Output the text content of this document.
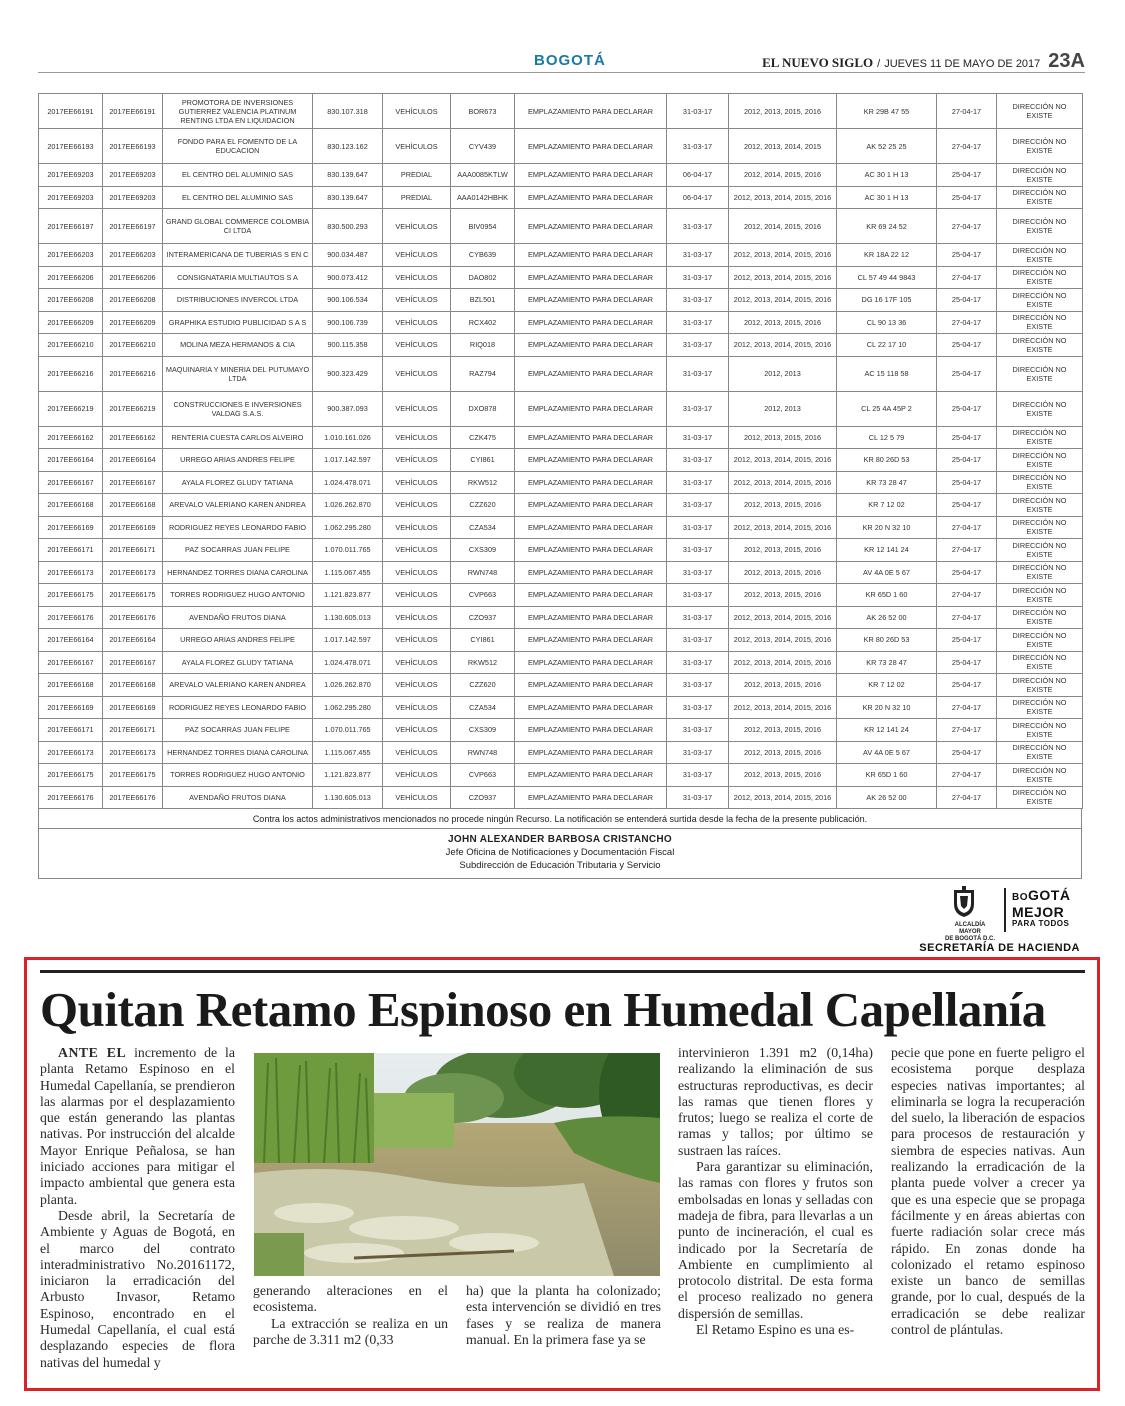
BOGOTÁ	EL NUEVO SIGLO / JUEVES 11 DE MAYO DE 2017 23A
2017EE66191	2017EE66191	PROMOTORA DE INVERSIONES GUTIERREZ VALENCIA PLATINUM RENTING LTDA EN LIQUIDACION	830.107.318	VEHÍCULOS	BOR673	EMPLAZAMIENTO PARA DECLARAR	31-03-17	2012, 2013, 2015, 2016	KR 29B 47 55	27-04-17	DIRECCIÓN NO EXISTE
2017EE66193	2017EE66193	FONDO PARA EL FOMENTO DE LA EDUCACION	830.123.162	VEHÍCULOS	CYV439	EMPLAZAMIENTO PARA DECLARAR	31-03-17	2012, 2013, 2014, 2015	AK 52 25 25	27-04-17	DIRECCIÓN NO EXISTE
2017EE69203	2017EE69203	EL CENTRO DEL ALUMINIO SAS	830.139.647	PREDIAL	AAA0085KTLW	EMPLAZAMIENTO PARA DECLARAR	06-04-17	2012, 2014, 2015, 2016	AC 30 1 H 13	25-04-17	DIRECCIÓN NO EXISTE
2017EE69203	2017EE69203	EL CENTRO DEL ALUMINIO SAS	830.139.647	PREDIAL	AAA0142HBHK	EMPLAZAMIENTO PARA DECLARAR	06-04-17	2012, 2013, 2014, 2015, 2016	AC 30 1 H 13	25-04-17	DIRECCIÓN NO EXISTE
2017EE66197	2017EE66197	GRAND GLOBAL COMMERCE COLOMBIA CI LTDA	830.500.293	VEHÍCULOS	BIV0954	EMPLAZAMIENTO PARA DECLARAR	31-03-17	2012, 2014, 2015, 2016	KR 69 24 52	27-04-17	DIRECCIÓN NO EXISTE
2017EE66203	2017EE66203	INTERAMERICANA DE TUBERIAS S EN C	900.034.487	VEHÍCULOS	CYB639	EMPLAZAMIENTO PARA DECLARAR	31-03-17	2012, 2013, 2014, 2015, 2016	KR 18A 22 12	25-04-17	DIRECCIÓN NO EXISTE
2017EE66206	2017EE66206	CONSIGNATARIA MULTIAUTOS S A	900.073.412	VEHÍCULOS	DAO802	EMPLAZAMIENTO PARA DECLARAR	31-03-17	2012, 2013, 2014, 2015, 2016	CL 57 49 44 9843	27-04-17	DIRECCIÓN NO EXISTE
2017EE66208	2017EE66208	DISTRIBUCIONES INVERCOL LTDA	900.106.534	VEHÍCULOS	BZL501	EMPLAZAMIENTO PARA DECLARAR	31-03-17	2012, 2013, 2014, 2015, 2016	DG 16 17F 105	25-04-17	DIRECCIÓN NO EXISTE
2017EE66209	2017EE66209	GRAPHIKA ESTUDIO PUBLICIDAD S A S	900.106.739	VEHÍCULOS	RCX402	EMPLAZAMIENTO PARA DECLARAR	31-03-17	2012, 2013, 2015, 2016	CL 90 13 36	27-04-17	DIRECCIÓN NO EXISTE
2017EE66210	2017EE66210	MOLINA MEZA HERMANOS & CIA	900.115.358	VEHÍCULOS	RIQ018	EMPLAZAMIENTO PARA DECLARAR	31-03-17	2012, 2013, 2014, 2015, 2016	CL 22 17 10	25-04-17	DIRECCIÓN NO EXISTE
2017EE66216	2017EE66216	MAQUINARIA Y MINERIA DEL PUTUMAYO LTDA	900.323.429	VEHÍCULOS	RAZ794	EMPLAZAMIENTO PARA DECLARAR	31-03-17	2012, 2013	AC 15 118 58	25-04-17	DIRECCIÓN NO EXISTE
2017EE66219	2017EE66219	CONSTRUCCIONES E INVERSIONES VALDAG S.A.S.	900.387.093	VEHÍCULOS	DXO878	EMPLAZAMIENTO PARA DECLARAR	31-03-17	2012, 2013	CL 25 4A 45P 2	25-04-17	DIRECCIÓN NO EXISTE
2017EE66162	2017EE66162	RENTERIA CUESTA CARLOS ALVEIRO	1.010.161.026	VEHÍCULOS	CZK475	EMPLAZAMIENTO PARA DECLARAR	31-03-17	2012, 2013, 2015, 2016	CL 12 5 79	25-04-17	DIRECCIÓN NO EXISTE
2017EE66164	2017EE66164	URREGO ARIAS ANDRES FELIPE	1.017.142.597	VEHÍCULOS	CYI861	EMPLAZAMIENTO PARA DECLARAR	31-03-17	2012, 2013, 2014, 2015, 2016	KR 80 26D 53	25-04-17	DIRECCIÓN NO EXISTE
2017EE66167	2017EE66167	AYALA FLOREZ GLUDY TATIANA	1.024.478.071	VEHÍCULOS	RKW512	EMPLAZAMIENTO PARA DECLARAR	31-03-17	2012, 2013, 2014, 2015, 2016	KR 73 28 47	25-04-17	DIRECCIÓN NO EXISTE
2017EE66168	2017EE66168	AREVALO VALERIANO KAREN ANDREA	1.026.262.870	VEHÍCULOS	CZZ620	EMPLAZAMIENTO PARA DECLARAR	31-03-17	2012, 2013, 2015, 2016	KR 7 12 02	25-04-17	DIRECCIÓN NO EXISTE
2017EE66169	2017EE66169	RODRIGUEZ REYES LEONARDO FABIO	1.062.295.280	VEHÍCULOS	CZA534	EMPLAZAMIENTO PARA DECLARAR	31-03-17	2012, 2013, 2014, 2015, 2016	KR 20 N 32 10	27-04-17	DIRECCIÓN NO EXISTE
2017EE66171	2017EE66171	PAZ SOCARRAS JUAN FELIPE	1.070.011.765	VEHÍCULOS	CXS309	EMPLAZAMIENTO PARA DECLARAR	31-03-17	2012, 2013, 2015, 2016	KR 12 141 24	27-04-17	DIRECCIÓN NO EXISTE
2017EE66173	2017EE66173	HERNANDEZ TORRES DIANA CAROLINA	1.115.067.455	VEHÍCULOS	RWN748	EMPLAZAMIENTO PARA DECLARAR	31-03-17	2012, 2013, 2015, 2016	AV 4A 0E 5 67	25-04-17	DIRECCIÓN NO EXISTE
2017EE66175	2017EE66175	TORRES RODRIGUEZ HUGO ANTONIO	1.121.823.877	VEHÍCULOS	CVP663	EMPLAZAMIENTO PARA DECLARAR	31-03-17	2012, 2013, 2015, 2016	KR 65D 1 60	27-04-17	DIRECCIÓN NO EXISTE
2017EE66176	2017EE66176	AVENDAÑO FRUTOS DIANA	1.130.605.013	VEHÍCULOS	CZO937	EMPLAZAMIENTO PARA DECLARAR	31-03-17	2012, 2013, 2014, 2015, 2016	AK 26 52 00	27-04-17	DIRECCIÓN NO EXISTE
2017EE66164	2017EE66164	URREGO ARIAS ANDRES FELIPE	1.017.142.597	VEHÍCULOS	CYI861	EMPLAZAMIENTO PARA DECLARAR	31-03-17	2012, 2013, 2014, 2015, 2016	KR 80 26D 53	25-04-17	DIRECCIÓN NO EXISTE
2017EE66167	2017EE66167	AYALA FLOREZ GLUDY TATIANA	1.024.478.071	VEHÍCULOS	RKW512	EMPLAZAMIENTO PARA DECLARAR	31-03-17	2012, 2013, 2014, 2015, 2016	KR 73 28 47	25-04-17	DIRECCIÓN NO EXISTE
2017EE66168	2017EE66168	AREVALO VALERIANO KAREN ANDREA	1.026.262.870	VEHÍCULOS	CZZ620	EMPLAZAMIENTO PARA DECLARAR	31-03-17	2012, 2013, 2015, 2016	KR 7 12 02	25-04-17	DIRECCIÓN NO EXISTE
2017EE66169	2017EE66169	RODRIGUEZ REYES LEONARDO FABIO	1.062.295.280	VEHÍCULOS	CZA534	EMPLAZAMIENTO PARA DECLARAR	31-03-17	2012, 2013, 2014, 2015, 2016	KR 20 N 32 10	27-04-17	DIRECCIÓN NO EXISTE
2017EE66171	2017EE66171	PAZ SOCARRAS JUAN FELIPE	1.070.011.765	VEHÍCULOS	CXS309	EMPLAZAMIENTO PARA DECLARAR	31-03-17	2012, 2013, 2015, 2016	KR 12 141 24	27-04-17	DIRECCIÓN NO EXISTE
2017EE66173	2017EE66173	HERNANDEZ TORRES DIANA CAROLINA	1.115.067.455	VEHÍCULOS	RWN748	EMPLAZAMIENTO PARA DECLARAR	31-03-17	2012, 2013, 2015, 2016	AV 4A 0E 5 67	25-04-17	DIRECCIÓN NO EXISTE
2017EE66175	2017EE66175	TORRES RODRIGUEZ HUGO ANTONIO	1.121.823.877	VEHÍCULOS	CVP663	EMPLAZAMIENTO PARA DECLARAR	31-03-17	2012, 2013, 2015, 2016	KR 65D 1 60	27-04-17	DIRECCIÓN NO EXISTE
2017EE66176	2017EE66176	AVENDAÑO FRUTOS DIANA	1.130.605.013	VEHÍCULOS	CZO937	EMPLAZAMIENTO PARA DECLARAR	31-03-17	2012, 2013, 2014, 2015, 2016	AK 26 52 00	27-04-17	DIRECCIÓN NO EXISTE
Contra los actos administrativos mencionados no procede ningún Recurso. La notificación se entenderá surtida desde la fecha de la presente publicación.
JOHN ALEXANDER BARBOSA CRISTANCHO
Jefe Oficina de Notificaciones y Documentación Fiscal
Subdirección de Educación Tributaria y Servicio
ALCALDÍA MAYOR
DE BOGOTÁ D.C.
BOGOTÁ
MEJOR
PARA TODOS
SECRETARÍA DE HACIENDA
Quitan Retamo Espinoso en Humedal Capellanía

ANTE EL incremento de la planta Retamo Espinoso en el Humedal Capellanía, se prendieron las alarmas por el desplazamiento que están generando las plantas nativas. Por instrucción del alcalde Mayor Enrique Peñalosa, se han iniciado acciones para mitigar el impacto ambiental que genera esta planta.

Desde abril, la Secretaría de Ambiente y Aguas de Bogotá, en el marco del contrato interadministrativo No.20161172, iniciaron la erradicación del Arbusto Invasor, Retamo Espinoso, encontrado en el Humedal Capellanía, el cual está desplazando especies de flora nativas del humedal y

generando alteraciones en el ecosistema.

La extracción se realiza en un parche de 3.311 m2 (0,33

ha) que la planta ha colonizado; esta intervención se dividió en tres fases y se realiza de manera manual. En la primera fase ya se

intervinieron 1.391 m2 (0,14ha) realizando la eliminación de sus estructuras reproductivas, es decir las ramas que tienen flores y frutos; luego se realiza el corte de ramas y tallos; por último se sustraen las raíces.

Para garantizar su eliminación, las ramas con flores y frutos son embolsadas en lonas y selladas con madeja de fibra, para llevarlas a un punto de incineración, el cual es indicado por la Secretaría de Ambiente en cumplimiento al protocolo distrital. De esta forma el proceso realizado no genera dispersión de semillas.

El Retamo Espino es una es-

pecie que pone en fuerte peligro el ecosistema porque desplaza especies nativas importantes; al eliminarla se logra la recuperación del suelo, la liberación de espacios para procesos de restauración y siembra de especies nativas. Aun realizando la erradicación de la planta puede volver a crecer ya que es una especie que se propaga fácilmente y en áreas abiertas con fuerte radiación solar crece más rápido. En zonas donde ha colonizado el retamo espinoso existe un banco de semillas grande, por lo cual, después de la erradicación se debe realizar control de plántulas.
